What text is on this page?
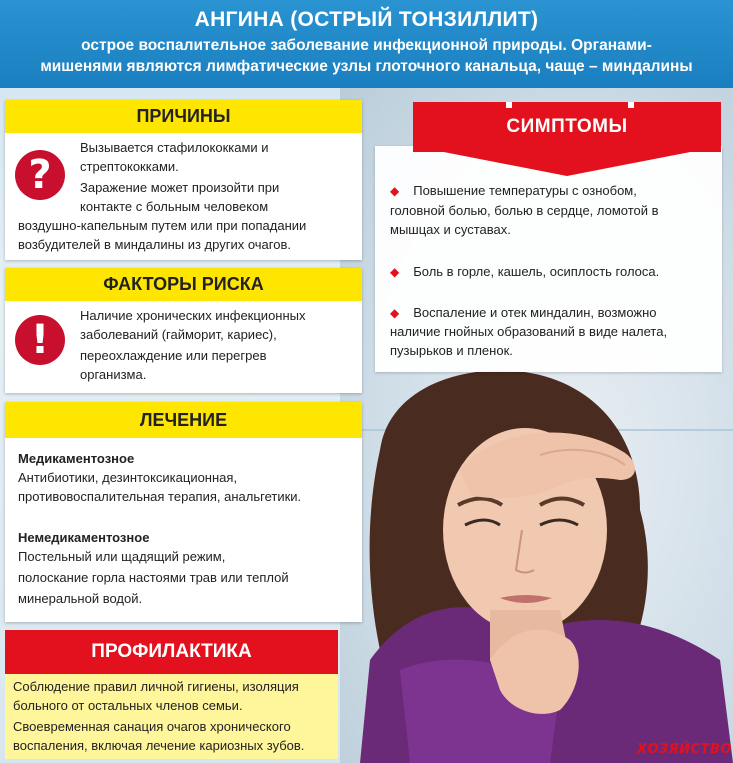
АНГИНА (ОСТРЫЙ ТОНЗИЛЛИТ)
острое воспалительное заболевание инфекционной природы. Органами-
мишенями являются лимфатические узлы глоточного канальца, чаще – миндалины
ПРИЧИНЫ
?
Вызывается стафилококками и
стрептококками.
Заражение может произойти при
контакте с больным человеком
воздушно-капельным путем или при попадании
возбудителей в миндалины из других очагов.
ФАКТОРЫ РИСКА
!
Наличие хронических инфекционных
заболеваний (гайморит, кариес),
переохлаждение или перегрев
организма.
ЛЕЧЕНИЕ
Медикаментозное
Антибиотики, дезинтоксикационная,
противовоспалительная терапия, анальгетики.
Немедикаментозное
Постельный или щадящий режим,
полоскание горла настоями трав или теплой
минеральной водой.
СИМПТОМЫ
◆ Повышение температуры с ознобом,
головной болью, болью в сердце, ломотой в
мышцах и суставах.
◆ Боль в горле, кашель, осиплость голоса.
◆ Воспаление и отек миндалин, возможно
наличие гнойных образований в виде налета,
пузырьков и пленок.
ПРОФИЛАКТИКА
Соблюдение правил личной гигиены, изоляция
больного от остальных членов семьи.
Своевременная санация очагов хронического
воспаления, включая лечение кариозных зубов.	ХОЗЯЙСТВО
